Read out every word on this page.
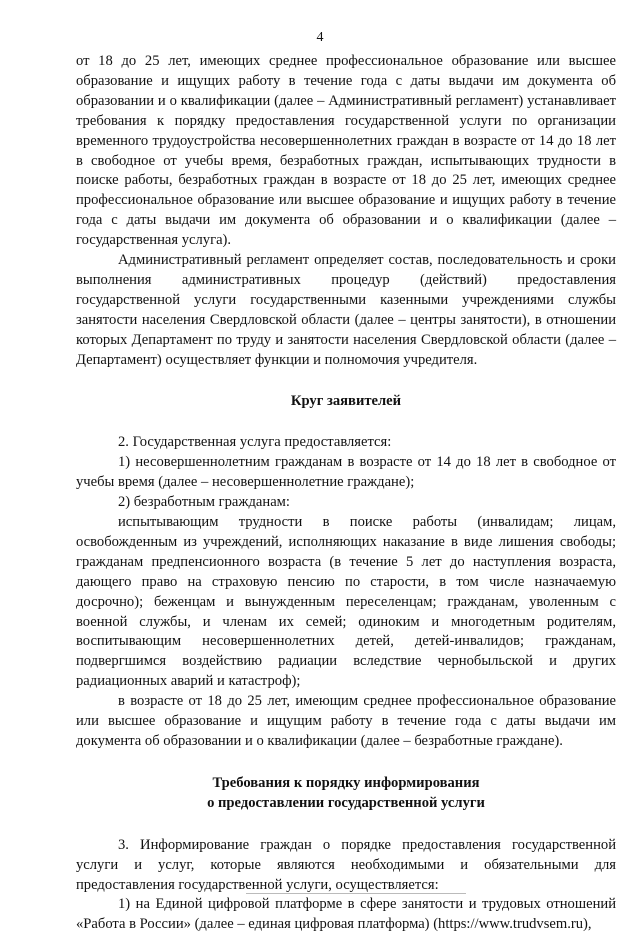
4

от 18 до 25 лет, имеющих среднее профессиональное образование или высшее образование и ищущих работу в течение года с даты выдачи им документа об образовании и о квалификации (далее – Административный регламент) устанавливает требования к порядку предоставления государственной услуги по организации временного трудоустройства несовершеннолетних граждан в возрасте от 14 до 18 лет в свободное от учебы время, безработных граждан, испытывающих трудности в поиске работы, безработных граждан в возрасте от 18 до 25 лет, имеющих среднее профессиональное образование или высшее образование и ищущих работу в течение года с даты выдачи им документа об образовании и о квалификации (далее – государственная услуга).

Административный регламент определяет состав, последовательность и сроки выполнения административных процедур (действий) предоставления государственной услуги государственными казенными учреждениями службы занятости населения Свердловской области (далее – центры занятости), в отношении которых Департамент по труду и занятости населения Свердловской области (далее – Департамент) осуществляет функции и полномочия учредителя.

Круг заявителей

2. Государственная услуга предоставляется:

1) несовершеннолетним гражданам в возрасте от 14 до 18 лет в свободное от учебы время (далее – несовершеннолетние граждане);

2) безработным гражданам:

испытывающим трудности в поиске работы (инвалидам; лицам, освобожденным из учреждений, исполняющих наказание в виде лишения свободы; гражданам предпенсионного возраста (в течение 5 лет до наступления возраста, дающего право на страховую пенсию по старости, в том числе назначаемую досрочно); беженцам и вынужденным переселенцам; гражданам, уволенным с военной службы, и членам их семей; одиноким и многодетным родителям, воспитывающим несовершеннолетних детей, детей-инвалидов; гражданам, подвергшимся воздействию радиации вследствие чернобыльской и других радиационных аварий и катастроф);

в возрасте от 18 до 25 лет, имеющим среднее профессиональное образование или высшее образование и ищущим работу в течение года с даты выдачи им документа об образовании и о квалификации (далее – безработные граждане).

Требования к порядку информирования
о предоставлении государственной услуги

3. Информирование граждан о порядке предоставления государственной услуги и услуг, которые являются необходимыми и обязательными для предоставления государственной услуги, осуществляется:

1) на Единой цифровой платформе в сфере занятости и трудовых отношений «Работа в России» (далее – единая цифровая платформа) (https://www.trudvsem.ru),
